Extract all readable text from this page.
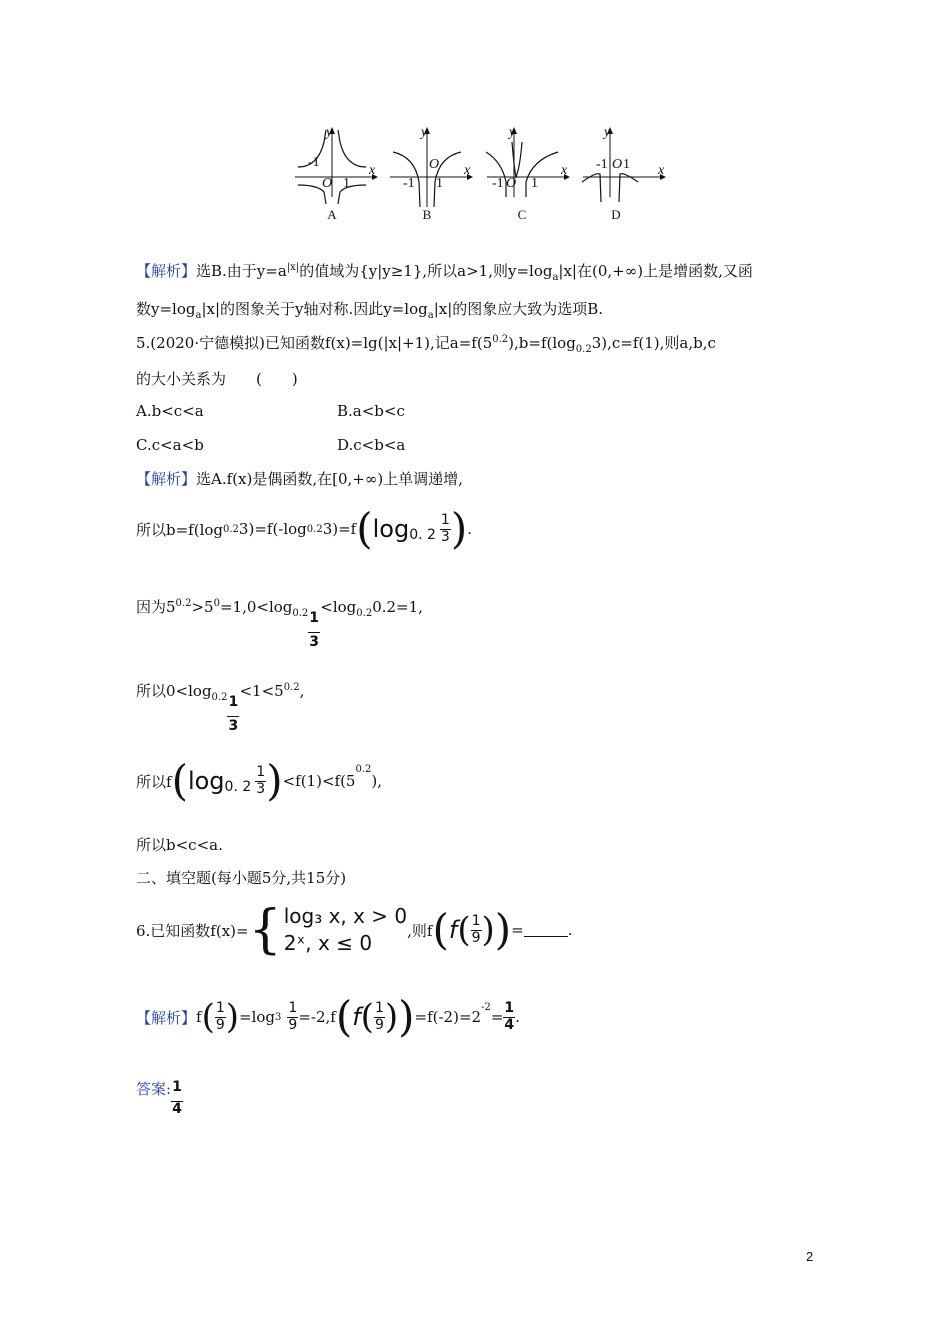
y
x
-1
O 1
y
x
-1
O
1
y
x
-1 O 1
y
x
-1 O 1
A	B	C	D
【解析】选B.由于$y=a^{|x|}$的值域为{y|y≥1},所以a>1,则$y=\log_a|x|$在(0,+∞)上是增函数,又函
数$y=\log_a|x|$的图象关于y轴对称.因此$y=\log_a|x|$的图象应大致为选项B.
5.(2020·宁德模拟)已知函数f(x)=lg(|x|+1),记$a=f(5^{0.2}),b=f(\log_{0.2}3),c=f(1)$,则a,b,c
的大小关系为　　(　　)
A.b<c<a	B.a<b<c
C.c<a<b	D.c<b<a
【解析】选A.f(x)是偶函数,在[0,+∞)上单调递增,
所以b=f(log 0.2 3)=f(-log 0.2 3)=f ( log 0. $2 \frac{1}{3}$ ) .
因为$5^{0.2}>5^0=1,0<\log_{0.2}$
$\frac{1}{3}$
$<\log_{0.2}0.2=1$,
所以$0<\log_{0.2}$
$\frac{1}{3}$
$<1<5^{0.2}$,
所以f ( log 0. $2 \frac{1}{3}$ ) <f(1)<f(5
$^{0.2}$
),
所以b<c<a.
二、填空题(每小题5分,共15分)
6.已知函数f(x)= { log₃ x, x > 0
2ˣ, x ≤ 0
,则f ( f ( $\frac{1}{9}$ ) ) =	.
【解析】 f ( $\frac{1}{9}$ ) =log $3 \frac{1}{9} =-2,f$ ( f ( $\frac{1}{9}$ ) ) =f(-2)=2
$^{-2}$
= $\frac{1}{4}$ .
答案: $\frac{1}{4}$
2
